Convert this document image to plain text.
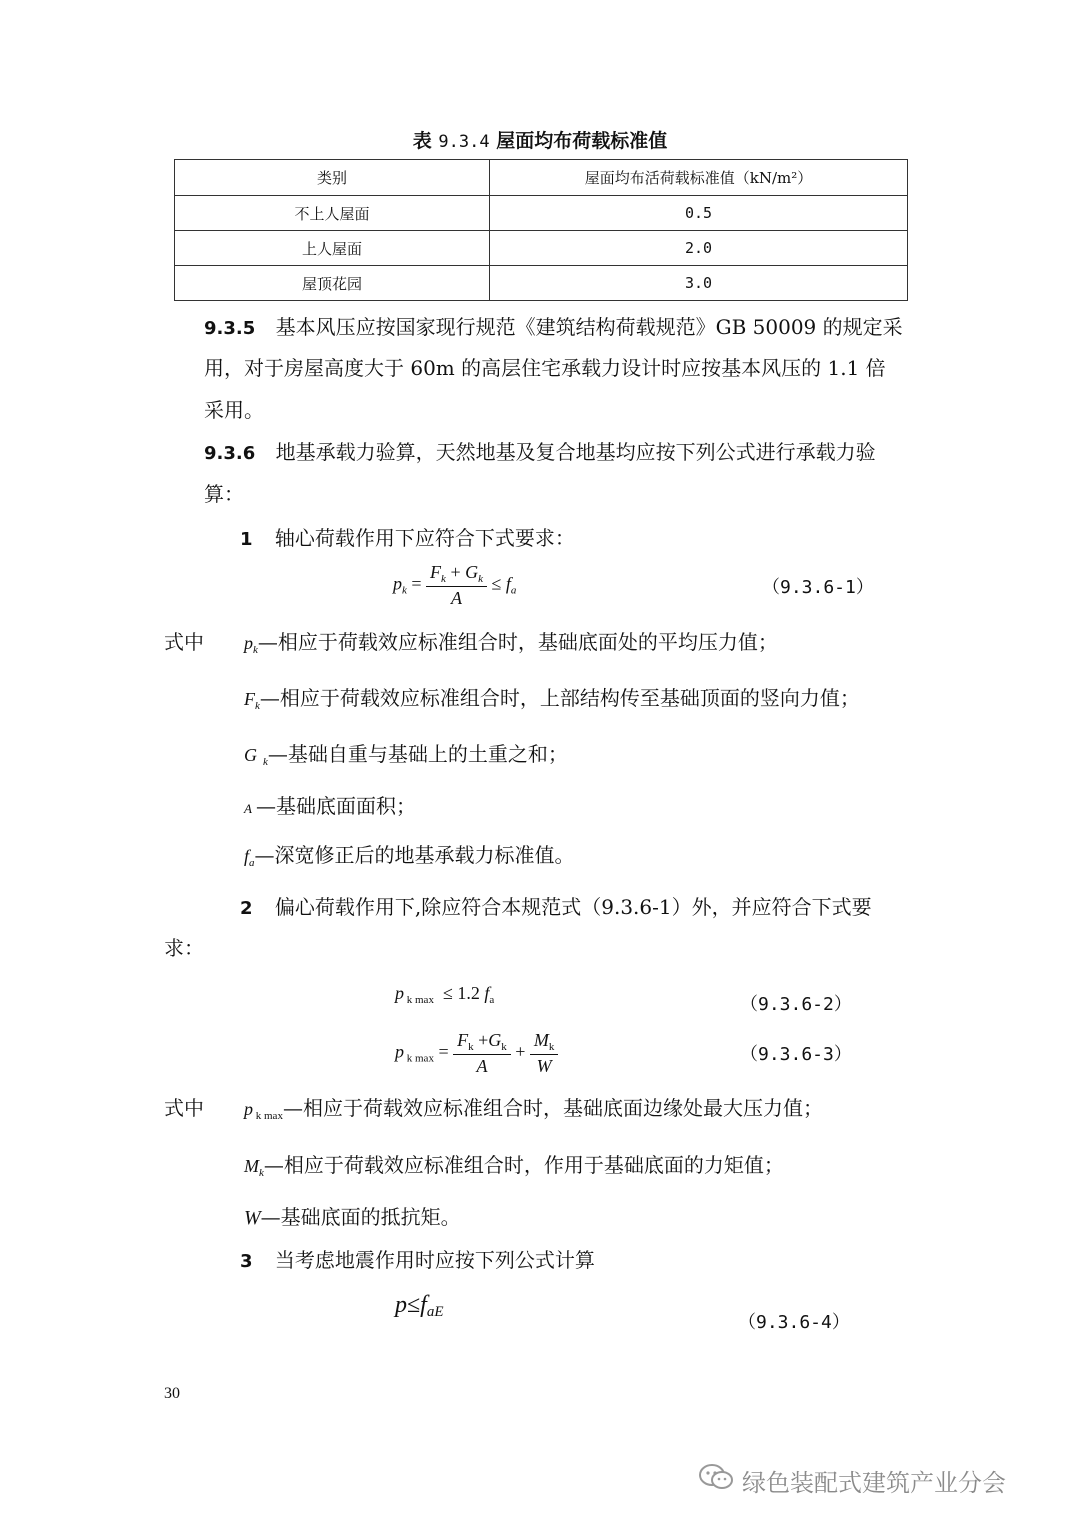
表 9.3.4 屋面均布荷载标准值
类别	屋面均布活荷载标准值（kN/m²）
不上人屋面	0.5
上人屋面	2.0
屋顶花园	3.0
9.3.5 基本风压应按国家现行规范《建筑结构荷载规范》GB 50009 的规定采
用，对于房屋高度大于 60m 的高层住宅承载力设计时应按基本风压的 1.1 倍
采用。
9.3.6 地基承载力验算，天然地基及复合地基均应按下列公式进行承载力验
算：
1 轴心荷载作用下应符合下式要求：
$p_k = \frac{F_k + G_k}{A} \le f_a$	（9.3.6-1）
式中 $p_k—$相应于荷载效应标准组合时，基础底面处的平均压力值；
$F_k—$相应于荷载效应标准组合时，上部结构传至基础顶面的竖向力值；
G $_k$—基础自重与基础上的土重之和；
A —基础底面面积；
$f_a—$深宽修正后的地基承载力标准值。
2 偏心荷载作用下,除应符合本规范式（9.3.6-1）外，并应符合下式要
求：
p $_{k max}$  ≤ 1.2 $f_a$	（9.3.6-2）
p $_{k max} = \frac{F_k +G_k}{A} + \frac{M_k}{W}$	（9.3.6-3）
式中 p $_{k max}$—相应于荷载效应标准组合时，基础底面边缘处最大压力值；
$M_k—$相应于荷载效应标准组合时，作用于基础底面的力矩值；
W—基础底面的抵抗矩。
3 当考虑地震作用时应按下列公式计算
$p\le f_{aE}$	（9.3.6-4）
30
绿色装配式建筑产业分会
